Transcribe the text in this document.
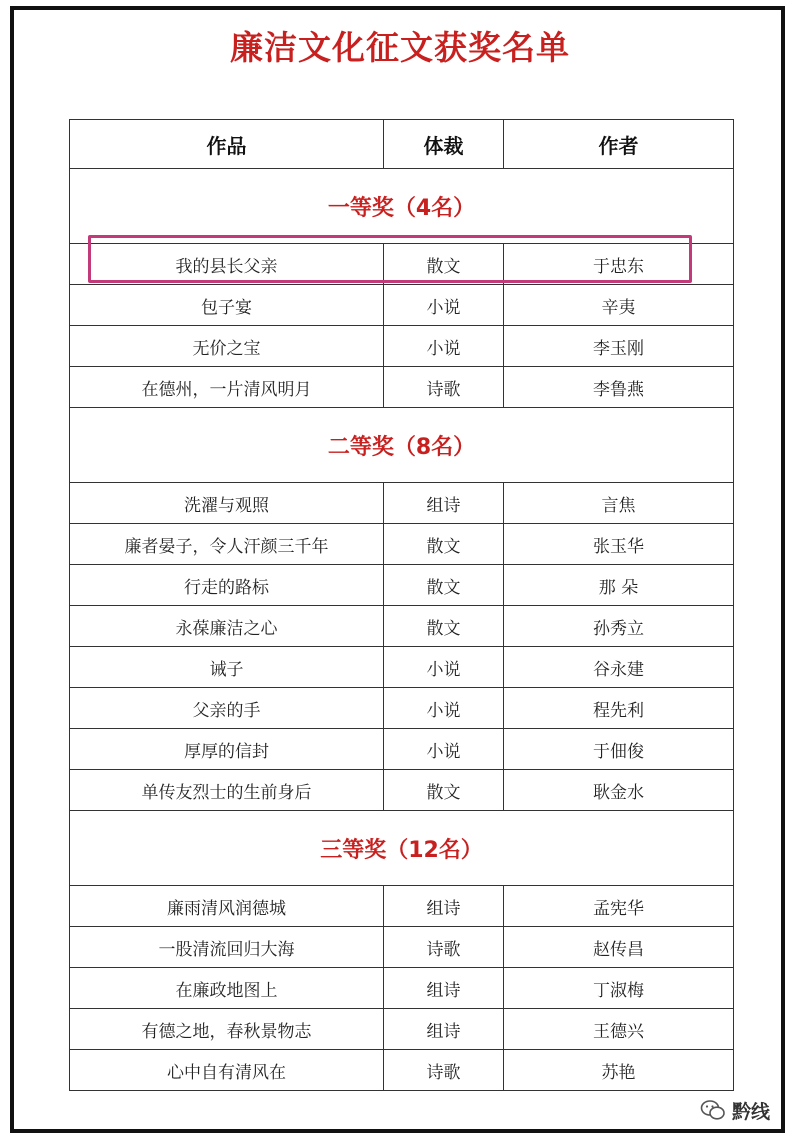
廉洁文化征文获奖名单
作品	体裁	作者
一等奖（4名）		
我的县长父亲	散文	于忠东
包子宴	小说	辛夷
无价之宝	小说	李玉刚
在德州，一片清风明月	诗歌	李鲁燕
二等奖（8名）		
洗濯与观照	组诗	言焦
廉者晏子，令人汗颜三千年	散文	张玉华
行走的路标	散文	那 朵
永葆廉洁之心	散文	孙秀立
诫子	小说	谷永建
父亲的手	小说	程先利
厚厚的信封	小说	于佃俊
单传友烈士的生前身后	散文	耿金水
三等奖（12名）		
廉雨清风润德城	组诗	孟宪华
一股清流回归大海	诗歌	赵传昌
在廉政地图上	组诗	丁淑梅
有德之地，春秋景物志	组诗	王德兴
心中自有清风在	诗歌	苏艳
黔线
